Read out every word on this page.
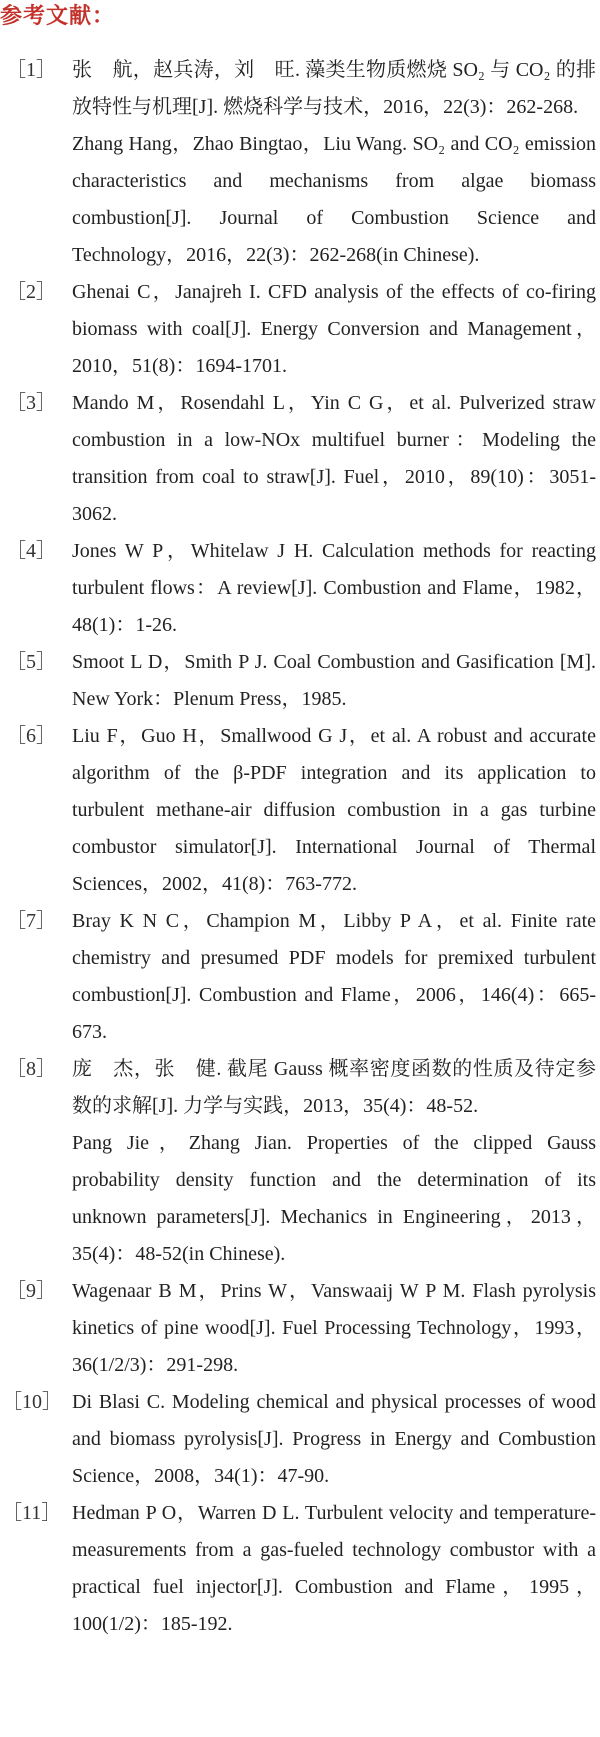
参考文献：
［1］ 张　航，赵兵涛，刘　旺. 藻类生物质燃烧 SO₂ 与 CO₂ 的排放特性与机理[J]. 燃烧科学与技术，2016，22(3)：262-268.
Zhang Hang，Zhao Bingtao，Liu Wang. SO₂ and CO₂ emission characteristics and mechanisms from algae biomass combustion[J]. Journal of Combustion Science and Technology，2016，22(3)：262-268(in Chinese).
［2］ Ghenai C，Janajreh I. CFD analysis of the effects of co-firing biomass with coal[J]. Energy Conversion and Management，2010，51(8)：1694-1701.
［3］ Mando M，Rosendahl L，Yin C G，et al. Pulverized straw combustion in a low-NOx multifuel burner：Modeling the transition from coal to straw[J]. Fuel，2010，89(10)：3051-3062.
［4］ Jones W P，Whitelaw J H. Calculation methods for reacting turbulent flows：A review[J]. Combustion and Flame，1982，48(1)：1-26.
［5］ Smoot L D，Smith P J. Coal Combustion and Gasification [M]. New York：Plenum Press，1985.
［6］ Liu F，Guo H，Smallwood G J，et al. A robust and accurate algorithm of the β-PDF integration and its application to turbulent methane-air diffusion combustion in a gas turbine combustor simulator[J]. International Journal of Thermal Sciences，2002，41(8)：763-772.
［7］ Bray K N C，Champion M，Libby P A，et al. Finite rate chemistry and presumed PDF models for premixed turbulent combustion[J]. Combustion and Flame，2006，146(4)：665-673.
［8］ 庞　杰，张　健. 截尾 Gauss 概率密度函数的性质及待定参数的求解[J]. 力学与实践，2013，35(4)：48-52.
Pang Jie，Zhang Jian. Properties of the clipped Gauss probability density function and the determination of its unknown parameters[J]. Mechanics in Engineering，2013，35(4)：48-52(in Chinese).
［9］ Wagenaar B M，Prins W，Vanswaaij W P M. Flash pyrolysis kinetics of pine wood[J]. Fuel Processing Technology，1993，36(1/2/3)：291-298.
［10］ Di Blasi C. Modeling chemical and physical processes of wood and biomass pyrolysis[J]. Progress in Energy and Combustion Science，2008，34(1)：47-90.
［11］ Hedman P O，Warren D L. Turbulent velocity and temperature-measurements from a gas-fueled technology combustor with a practical fuel injector[J]. Combustion and Flame，1995，100(1/2)：185-192.
